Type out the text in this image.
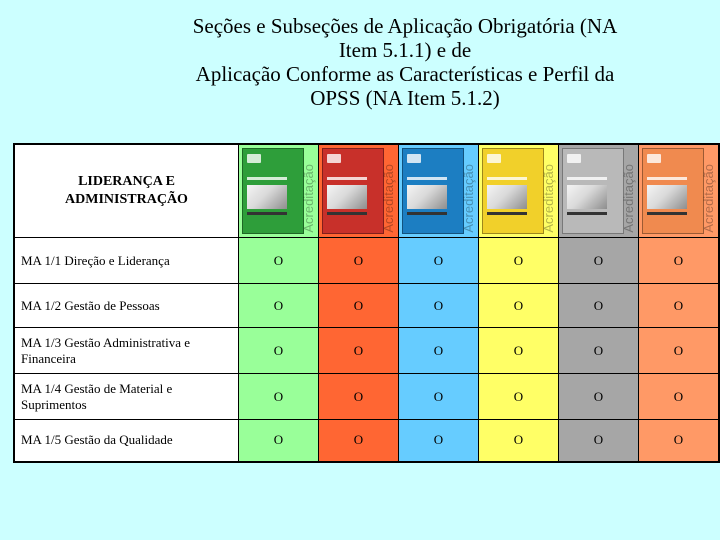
Seções e Subseções de Aplicação Obrigatória (NA
Item 5.1.1) e de
Aplicação Conforme as Características e Perfil da
OPSS (NA Item 5.1.2)
LIDERANÇA E
ADMINISTRAÇÃO	Acreditação	Acreditação	Acreditação	Acreditação	Acreditação	Acreditação

MA 1/1 Direção e Liderança	O	O	O	O	O	O
MA 1/2 Gestão de Pessoas	O	O	O	O	O	O
MA 1/3 Gestão Administrativa e Financeira	O	O	O	O	O	O
MA 1/4 Gestão de Material e Suprimentos	O	O	O	O	O	O
MA 1/5 Gestão da Qualidade	O	O	O	O	O	O
